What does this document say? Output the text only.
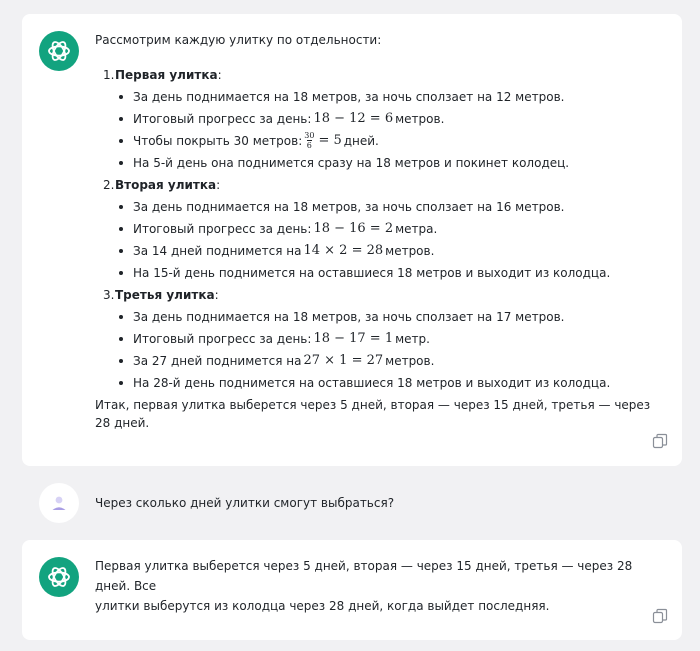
Рассмотрим каждую улитку по отдельности:
1. Первая улитка :
За день поднимается на 18 метров, за ночь сползает на 12 метров.
Итоговый прогресс за день: 18 − 12 = 6 метров.
Чтобы покрыть 30 метров: $\frac{30}{6} = 5$ дней.
На 5-й день она поднимется сразу на 18 метров и покинет колодец.
2. Вторая улитка :
За день поднимается на 18 метров, за ночь сползает на 16 метров.
Итоговый прогресс за день: 18 − 16 = 2 метра.
За 14 дней поднимется на 14 × 2 = 28 метров.
На 15-й день поднимется на оставшиеся 18 метров и выходит из колодца.
3. Третья улитка :
За день поднимается на 18 метров, за ночь сползает на 17 метров.
Итоговый прогресс за день: 18 − 17 = 1 метр.
За 27 дней поднимется на 27 × 1 = 27 метров.
На 28-й день поднимется на оставшиеся 18 метров и выходит из колодца.
Итак, первая улитка выберется через 5 дней, вторая — через 15 дней, третья — через 28 дней.
Через сколько дней улитки смогут выбраться?
Первая улитка выберется через 5 дней, вторая — через 15 дней, третья — через 28 дней. Все
улитки выберутся из колодца через 28 дней, когда выйдет последняя.
